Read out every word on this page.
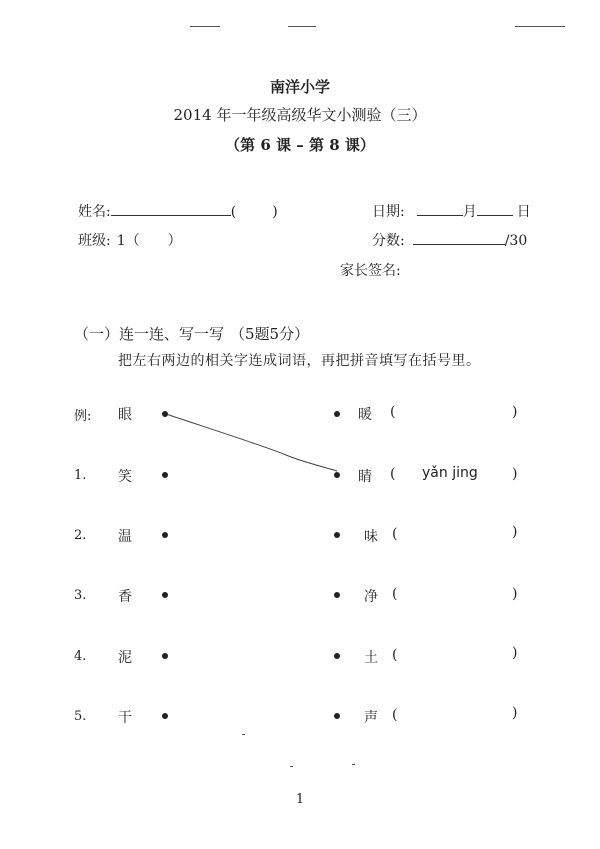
南洋小学
2014 年一年级高级华文小测验（三）
（第 6 课 – 第 8 课）
姓名:	(	)	日期:	月	日
班级: 1（　　）	分数:	/30
家长签名:
（一）连一连、写一写 （5题5分）
把左右两边的相关字连成词语，再把拼音填写在括号里。
例: 眼	暖 (	)
1. 笑	睛 ( yǎn jing )
2. 温	味 (	)
3. 香	净 (	)
4. 泥	土 (	)
5. 干	声 (	)
1
